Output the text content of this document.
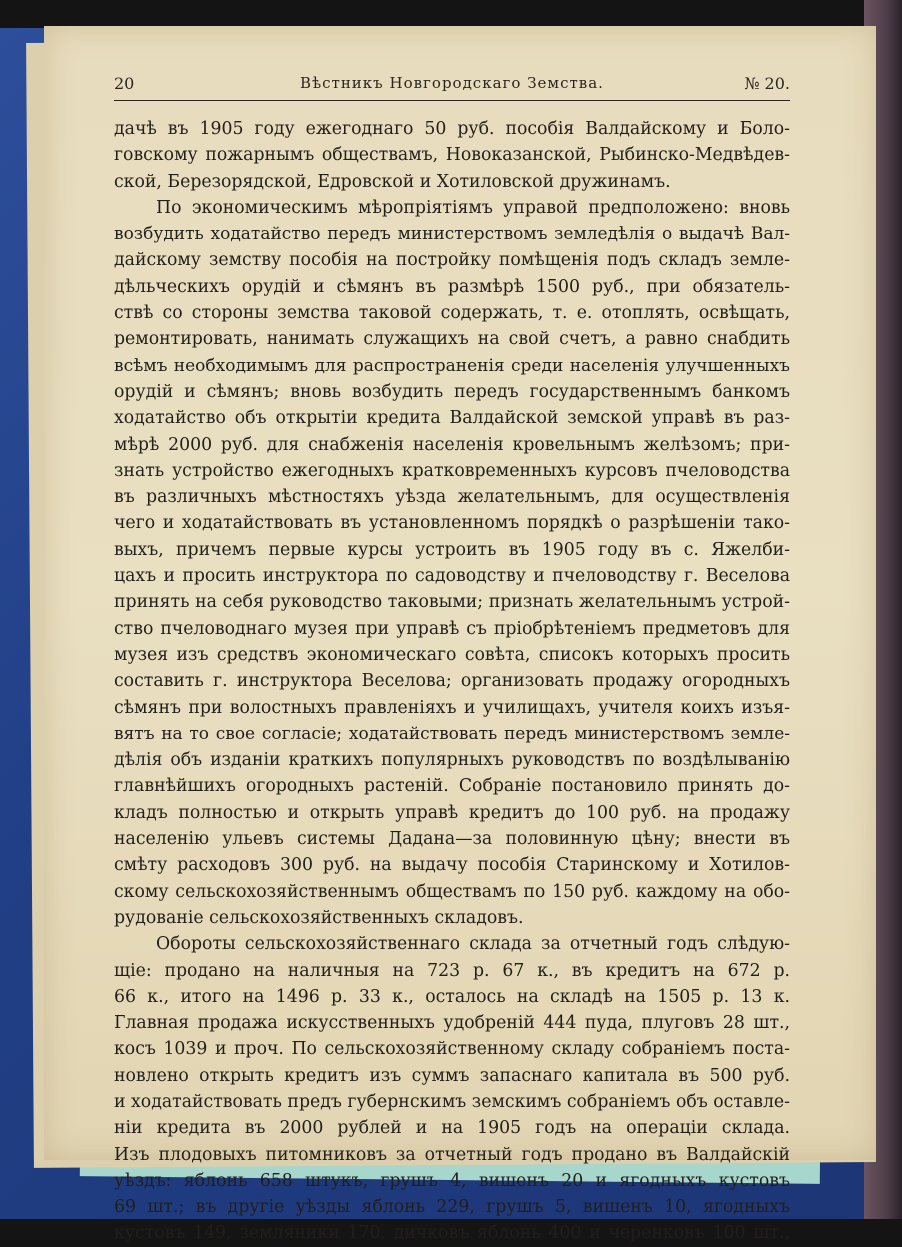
20	Вѣстникъ Новгородскаго Земства.	№ 20.
дачѣ въ 1905 году ежегоднаго 50 руб. пособія Валдайскому и Боло-
говскому пожарнымъ обществамъ, Новоказанской, Рыбинско-Медвѣдев-
ской, Березорядской, Едровской и Хотиловской дружинамъ.
По экономическимъ мѣропріятіямъ управой предположено: вновь
возбудить ходатайство передъ министерствомъ земледѣлія о выдачѣ Вал-
дайскому земству пособія на постройку помѣщенія подъ складъ земле-
дѣльческихъ орудій и сѣмянъ въ размѣрѣ 1500 руб., при обязатель-
ствѣ со стороны земства таковой содержать, т. е. отоплять, освѣщать,
ремонтировать, нанимать служащихъ на свой счетъ, а равно снабдить
всѣмъ необходимымъ для распространенія среди населенія улучшенныхъ
орудій и сѣмянъ; вновь возбудить передъ государственнымъ банкомъ
ходатайство объ открытіи кредита Валдайской земской управѣ въ раз-
мѣрѣ 2000 руб. для снабженія населенія кровельнымъ желѣзомъ; при-
знать устройство ежегодныхъ кратковременныхъ курсовъ пчеловодства
въ различныхъ мѣстностяхъ уѣзда желательнымъ, для осуществленія
чего и ходатайствовать въ установленномъ порядкѣ о разрѣшеніи тако-
выхъ, причемъ первые курсы устроить въ 1905 году въ с. Яжелби-
цахъ и просить инструктора по садоводству и пчеловодству г. Веселова
принять на себя руководство таковыми; признать желательнымъ устрой-
ство пчеловоднаго музея при управѣ съ пріобрѣтеніемъ предметовъ для
музея изъ средствъ экономическаго совѣта, списокъ которыхъ просить
составить г. инструктора Веселова; организовать продажу огородныхъ
сѣмянъ при волостныхъ правленіяхъ и училищахъ, учителя коихъ изъя-
вятъ на то свое согласіе; ходатайствовать передъ министерствомъ земле-
дѣлія объ изданіи краткихъ популярныхъ руководствъ по воздѣлыванію
главнѣйшихъ огородныхъ растеній. Собраніе постановило принять до-
кладъ полностью и открыть управѣ кредитъ до 100 руб. на продажу
населенію ульевъ системы Дадана—за половинную цѣну; внести въ
смѣту расходовъ 300 руб. на выдачу пособія Старинскому и Хотилов-
скому сельскохозяйственнымъ обществамъ по 150 руб. каждому на обо-
рудованіе сельскохозяйственныхъ складовъ.
Обороты сельскохозяйственнаго склада за отчетный годъ слѣдую-
щіе: продано на наличныя на 723 р. 67 к., въ кредитъ на 672 р.
66 к., итого на 1496 р. 33 к., осталось на складѣ на 1505 р. 13 к.
Главная продажа искусственныхъ удобреній 444 пуда, плуговъ 28 шт.,
косъ 1039 и проч. По сельскохозяйственному складу собраніемъ поста-
новлено открыть кредитъ изъ суммъ запаснаго капитала въ 500 руб.
и ходатайствовать предъ губернскимъ земскимъ собраніемъ объ оставле-
ніи кредита въ 2000 рублей и на 1905 годъ на операціи склада.
Изъ плодовыхъ питомниковъ за отчетный годъ продано въ Валдайскій
уѣздъ: яблонь 658 штукъ, грушъ 4, вишенъ 20 и ягодныхъ кустовъ
69 шт.; въ другіе уѣзды яблонь 229, грушъ 5, вишенъ 10, ягодныхъ
кустовъ 149, земляники 170, дичковъ яблонь 400 и черенковъ 100 шт.,
